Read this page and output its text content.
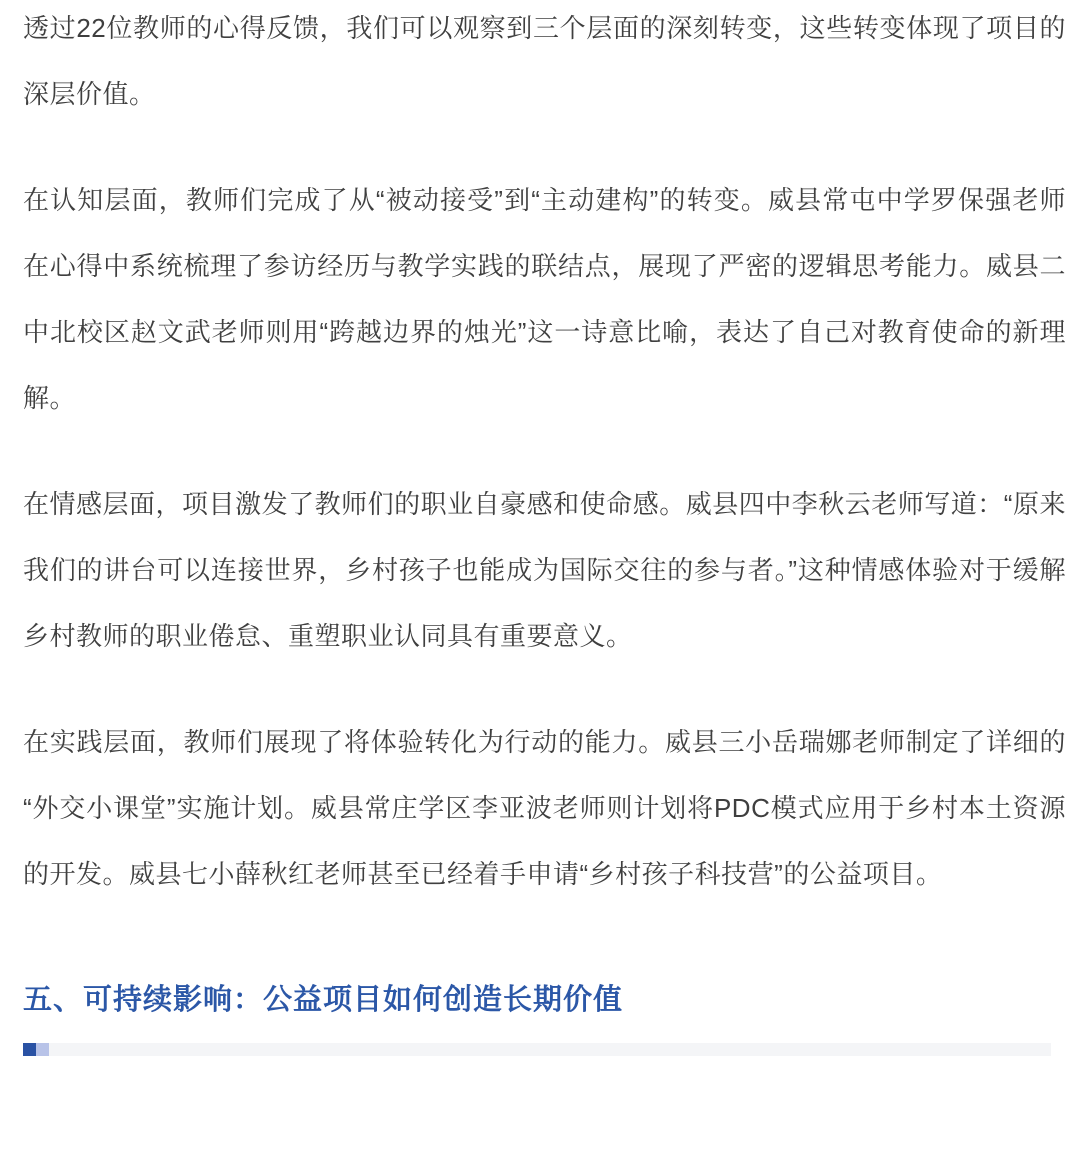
透过22位教师的心得反馈，我们可以观察到三个层面的深刻转变，这些转变体现了项目的深层价值。

在认知层面，教师们完成了从“被动接受”到“主动建构”的转变。威县常屯中学罗保强老师在心得中系统梳理了参访经历与教学实践的联结点，展现了严密的逻辑思考能力。威县二中北校区赵文武老师则用“跨越边界的烛光”这一诗意比喻，表达了自己对教育使命的新理解。

在情感层面，项目激发了教师们的职业自豪感和使命感。威县四中李秋云老师写道：“原来我们的讲台可以连接世界，乡村孩子也能成为国际交往的参与者。”这种情感体验对于缓解乡村教师的职业倦怠、重塑职业认同具有重要意义。

在实践层面，教师们展现了将体验转化为行动的能力。威县三小岳瑞娜老师制定了详细的“外交小课堂”实施计划。威县常庄学区李亚波老师则计划将PDC模式应用于乡村本土资源的开发。威县七小薛秋红老师甚至已经着手申请“乡村孩子科技营”的公益项目。

五、可持续影响：公益项目如何创造长期价值
